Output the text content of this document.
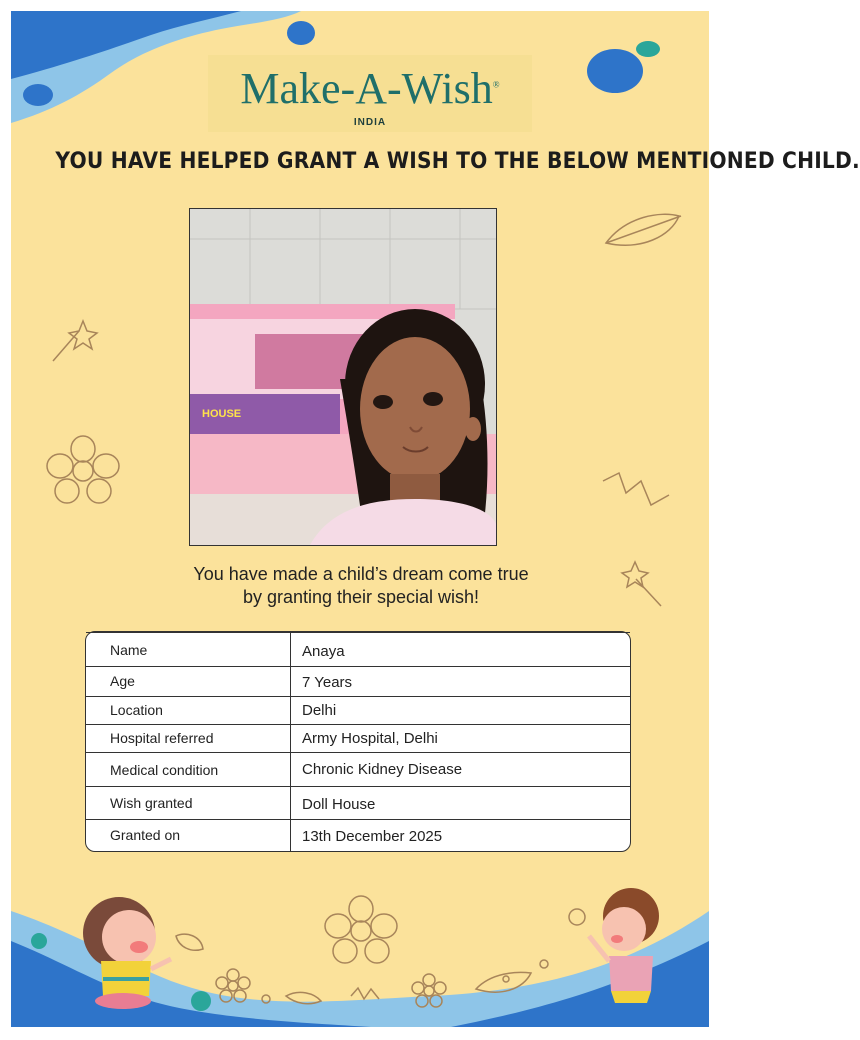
Make-A-Wish®
INDIA
YOU HAVE HELPED GRANT A WISH TO THE BELOW MENTIONED CHILD.
HOUSE
You have made a child’s dream come true
by granting their special wish!
Name	Anaya
Age	7 Years
Location	Delhi
Hospital referred	Army Hospital, Delhi
Medical condition	Chronic Kidney Disease
Wish granted	Doll House
Granted on	13th December 2025
